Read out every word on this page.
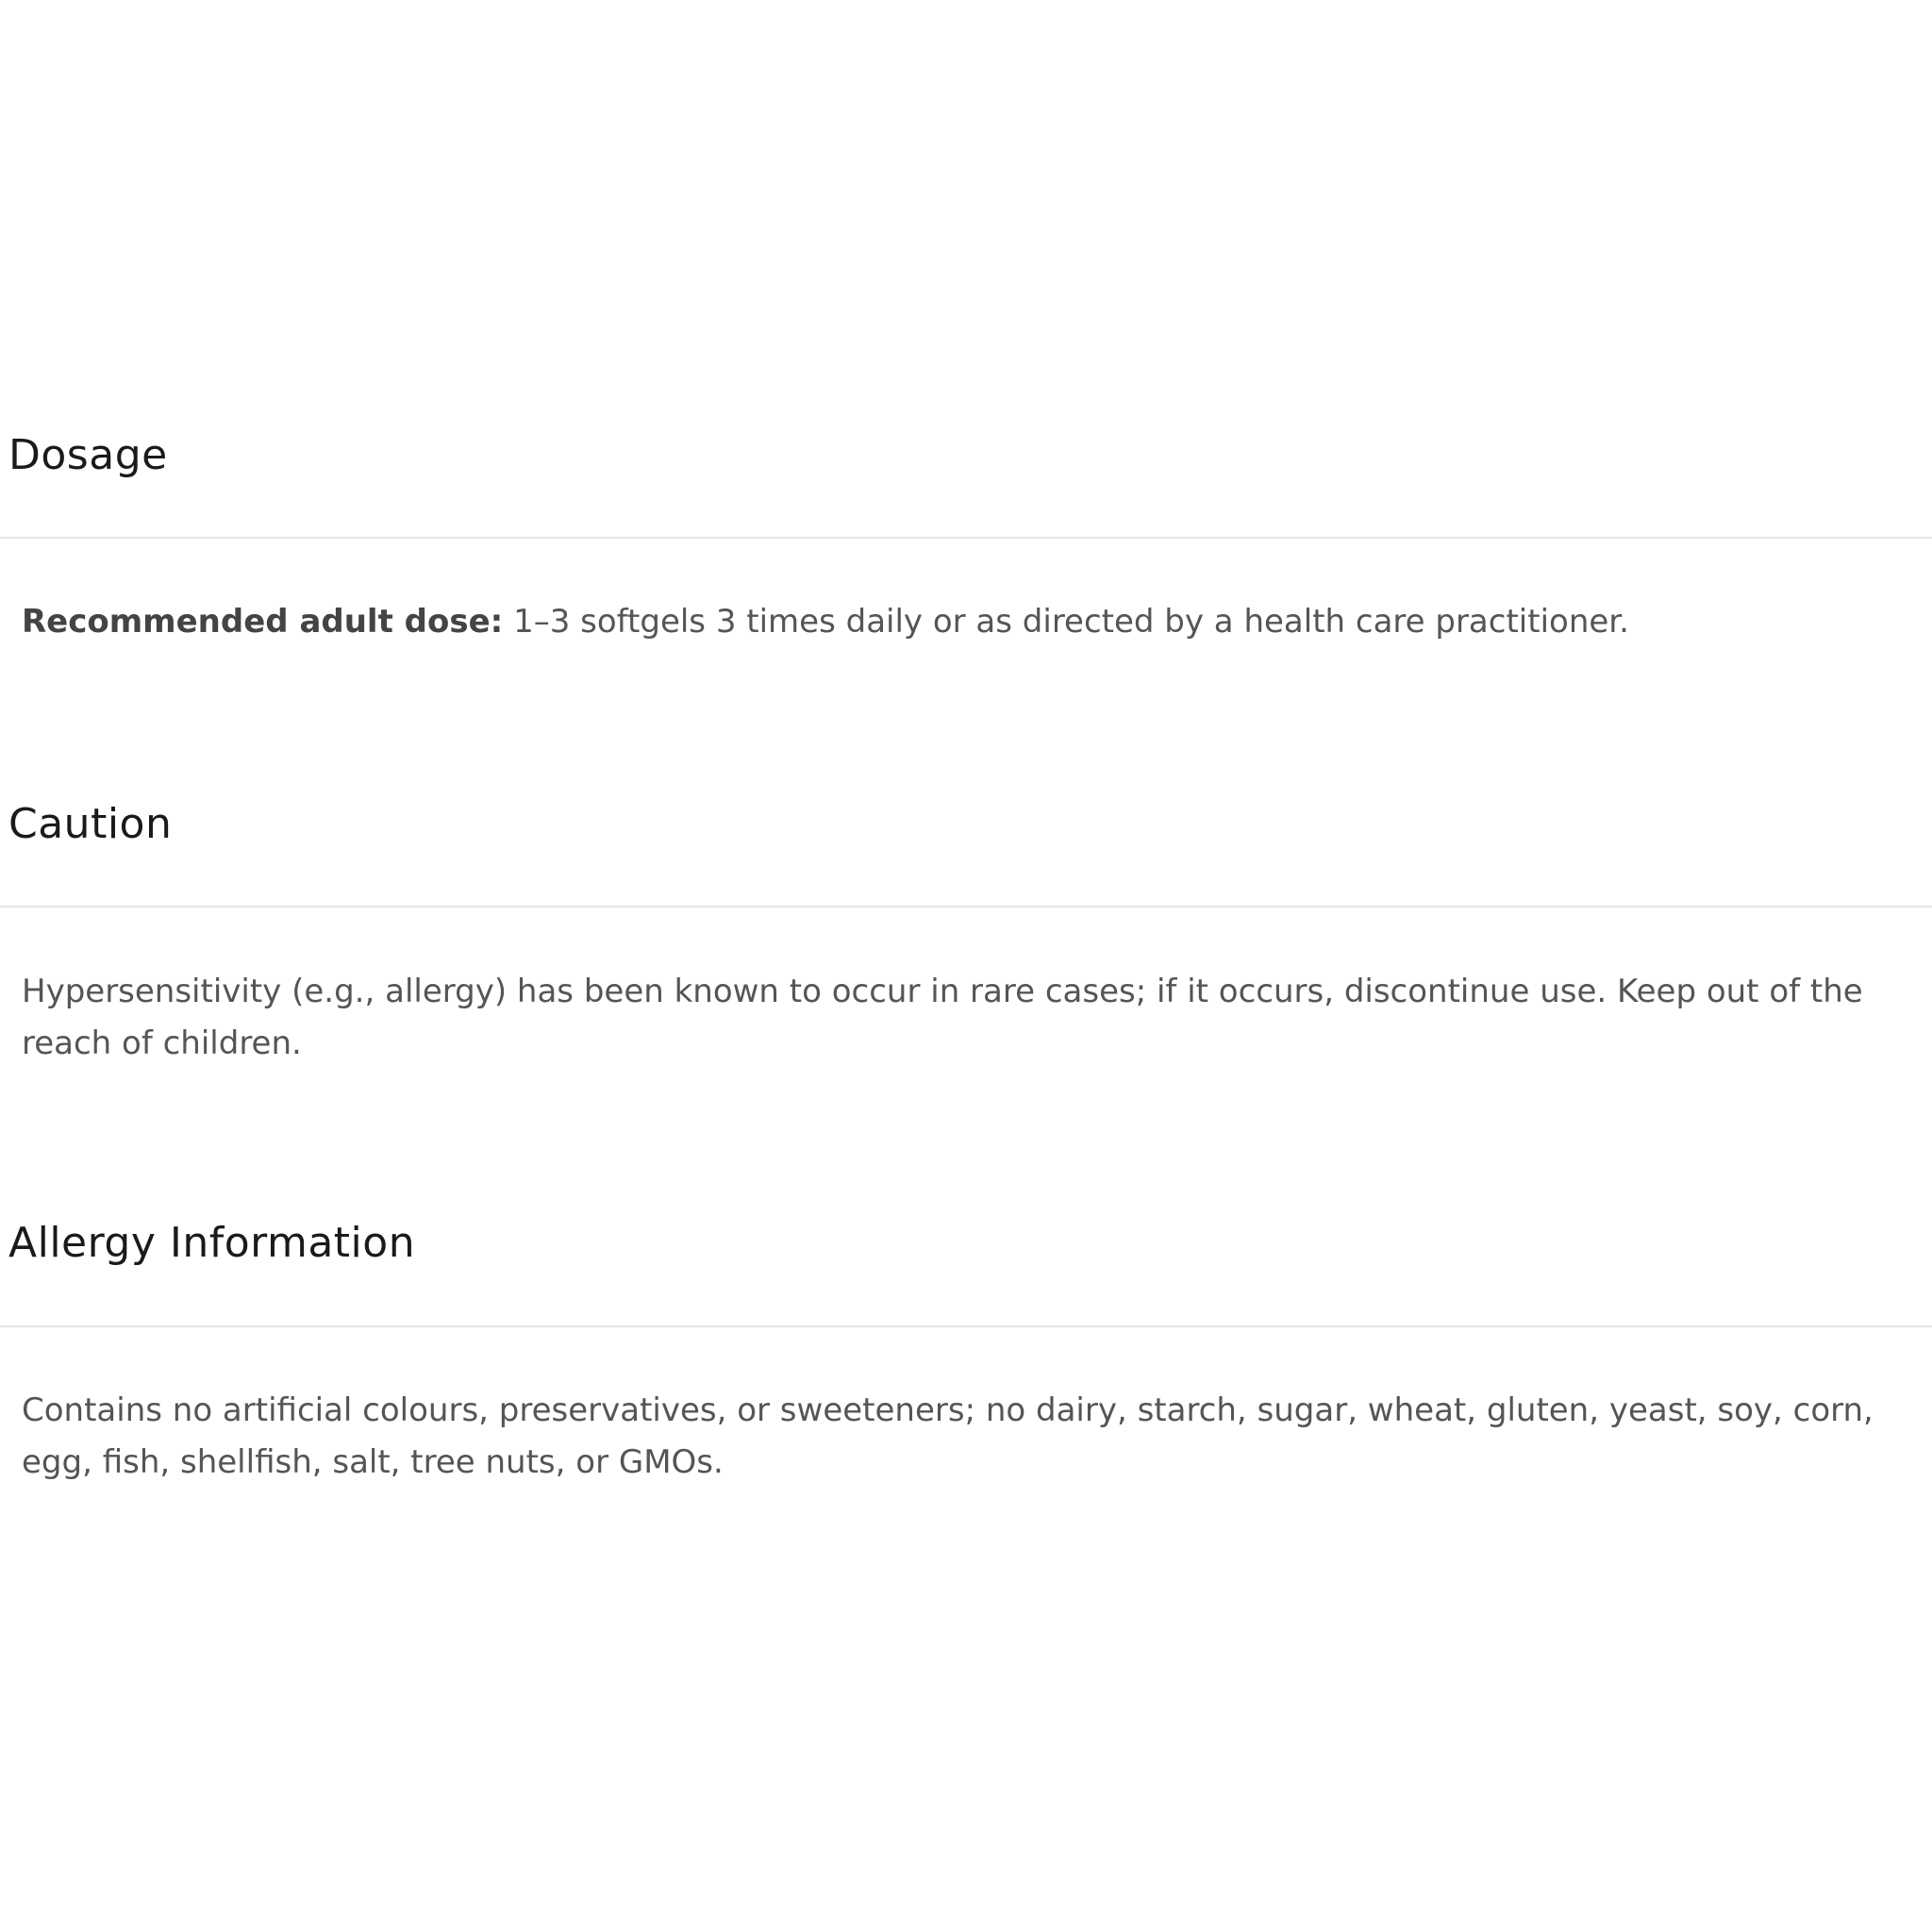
Dosage

Recommended adult dose: 1–3 softgels 3 times daily or as directed by a health care practitioner.

Caution

Hypersensitivity (e.g., allergy) has been known to occur in rare cases; if it occurs, discontinue use. Keep out of the reach of children.

Allergy Information

Contains no artificial colours, preservatives, or sweeteners; no dairy, starch, sugar, wheat, gluten, yeast, soy, corn, egg, fish, shellfish, salt, tree nuts, or GMOs.
